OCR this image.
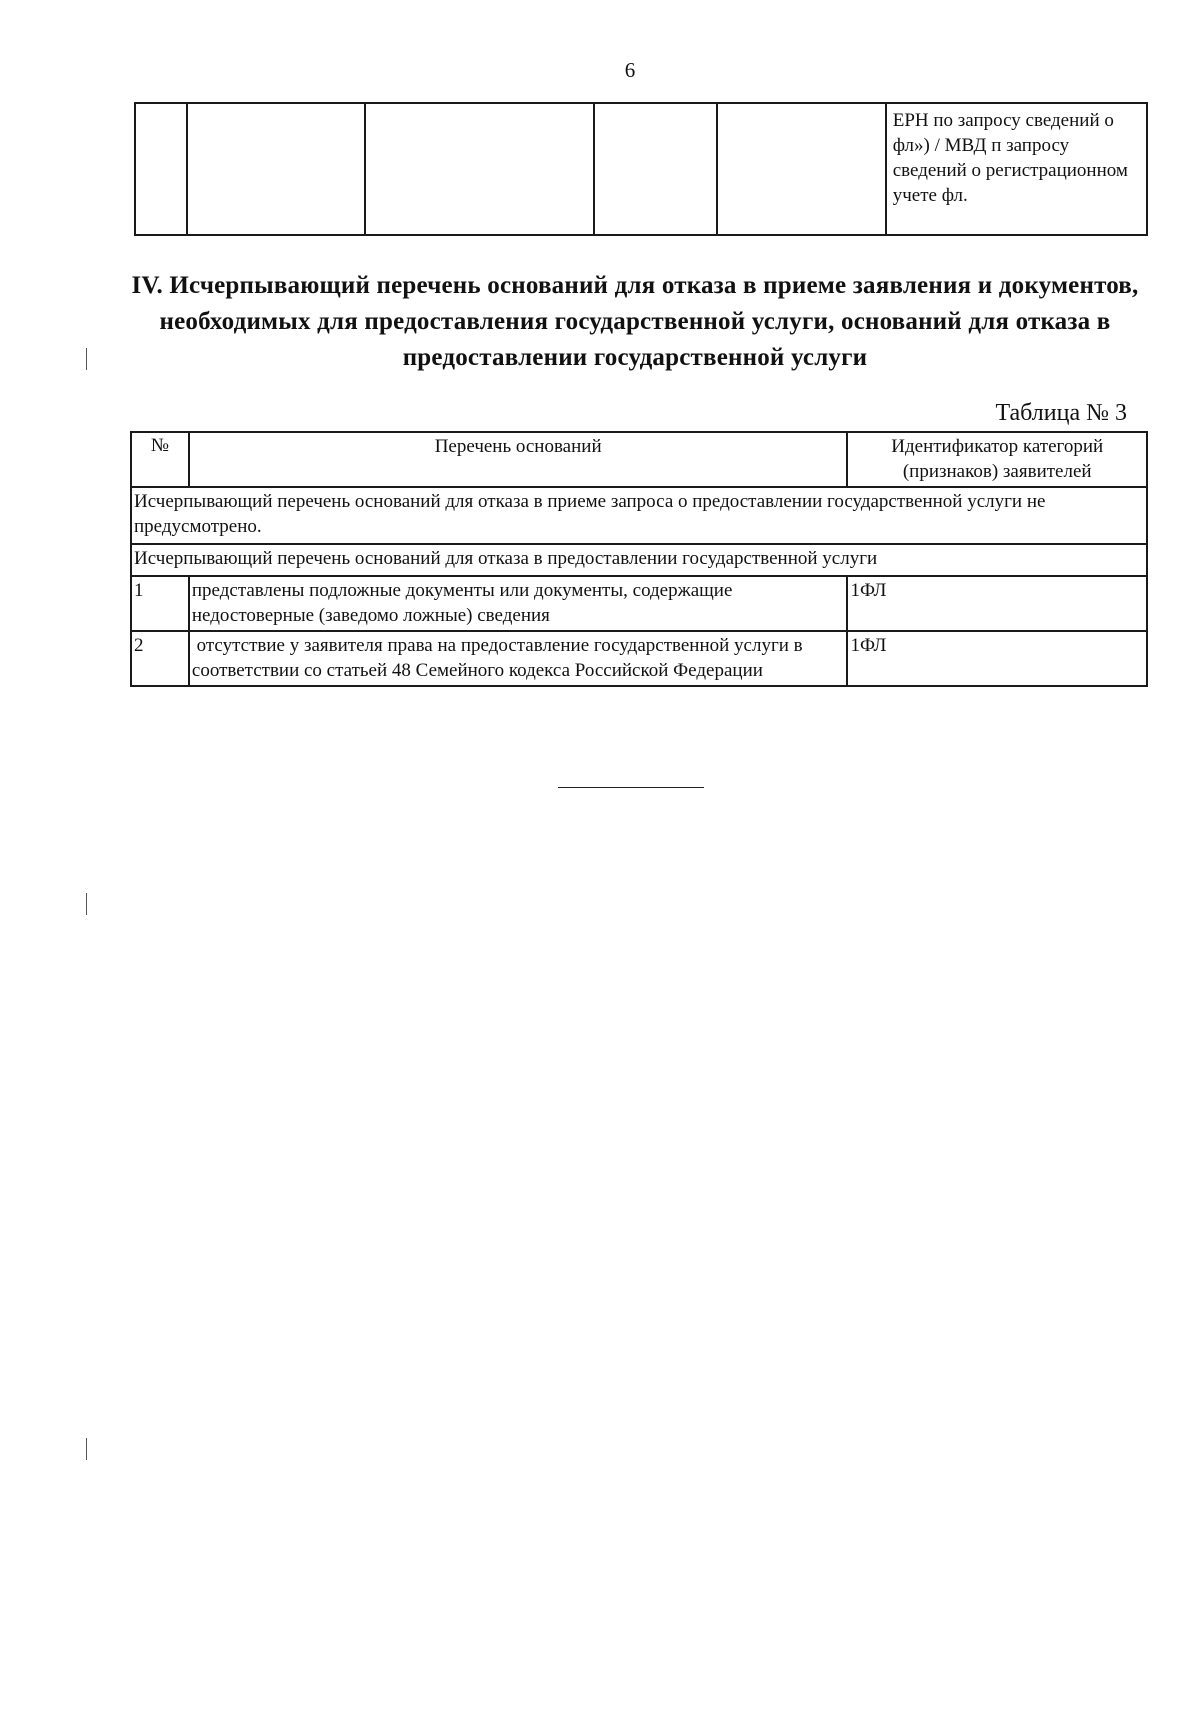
6

ЕРН по запросу сведений о фл») / МВД п запросу сведений о регистрационном учете фл.
IV. Исчерпывающий перечень оснований для отказа в приеме заявления и документов, необходимых для предоставления государственной услуги, оснований для отказа в предоставлении государственной услуги
Таблица № 3
№	Перечень оснований	Идентификатор категорий (признаков) заявителей
Исчерпывающий перечень оснований для отказа в приеме запроса о предоставлении государственной услуги не предусмотрено.		
Исчерпывающий перечень оснований для отказа в предоставлении государственной услуги		
1	представлены подложные документы или документы, содержащие недостоверные (заведомо ложные) сведения	1ФЛ
2	отсутствие у заявителя права на предоставление государственной услуги в соответствии со статьей 48 Семейного кодекса Российской Федерации	1ФЛ
